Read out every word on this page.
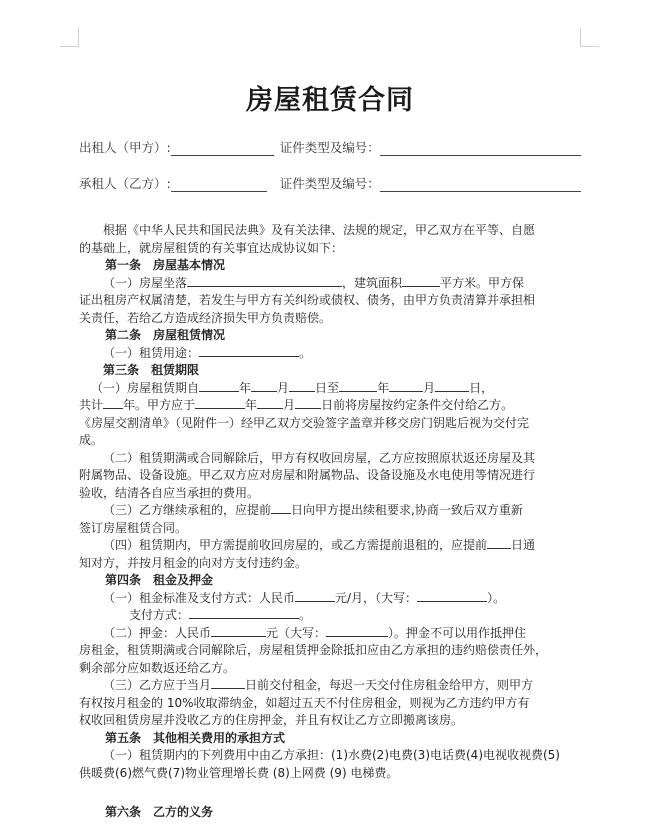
房屋租赁合同
出租人（甲方）:	证件类型及编号：
承租人（乙方）:	证件类型及编号：

根据《中华人民共和国民法典》及有关法律、法规的规定，甲乙双方在平等、自愿

的基础上，就房屋租赁的有关事宜达成协议如下：

第一条　房屋基本情况

（一）房屋坐落	，建筑面积	平方米。甲方保

证出租房产权属清楚，若发生与甲方有关纠纷或债权、债务，由甲方负责清算并承担相

关责任，若给乙方造成经济损失甲方负责赔偿。

第二条　房屋租赁情况

（一）租赁用途：	。

第三条　租赁期限

（一）房屋租赁期自	年 月 日至	年	月	日，

共计 年。甲方应于	年 月 日前将房屋按约定条件交付给乙方。

《房屋交割清单》（见附件一）经甲乙双方交验签字盖章并移交房门钥匙后视为交付完

成。

（二）租赁期满或合同解除后，甲方有权收回房屋，乙方应按照原状返还房屋及其

附属物品、设备设施。甲乙双方应对房屋和附属物品、设备设施及水电使用等情况进行

验收，结清各自应当承担的费用。

（三）乙方继续承租的，应提前 日向甲方提出续租要求,协商一致后双方重新

签订房屋租赁合同。

（四）租赁期内，甲方需提前收回房屋的，或乙方需提前退租的，应提前 日通

知对方，并按月租金的向对方支付违约金。

第四条　租金及押金

（一）租金标准及支付方式：人民币	元/月，（大写：	）。

支付方式：	。

（二）押金：人民币	元（大写：	）。押金不可以用作抵押住

房租金，租赁期满或合同解除后，房屋租赁押金除抵扣应由乙方承担的违约赔偿责任外，

剩余部分应如数返还给乙方。

（三）乙方应于当月	日前交付租金，每迟一天交付住房租金给甲方，则甲方

有权按月租金的 10%收取滞纳金，如超过五天不付住房租金，则视为乙方违约甲方有

权收回租赁房屋并没收乙方的住房押金，并且有权让乙方立即搬离该房。

第五条　其他相关费用的承担方式

（一）租赁期内的下列费用中由乙方承担：(1)水费(2)电费(3)电话费(4)电视收视费(5)

供暖费(6)燃气费(7)物业管理增长费 (8)上网费 (9) 电梯费。

第六条　乙方的义务
